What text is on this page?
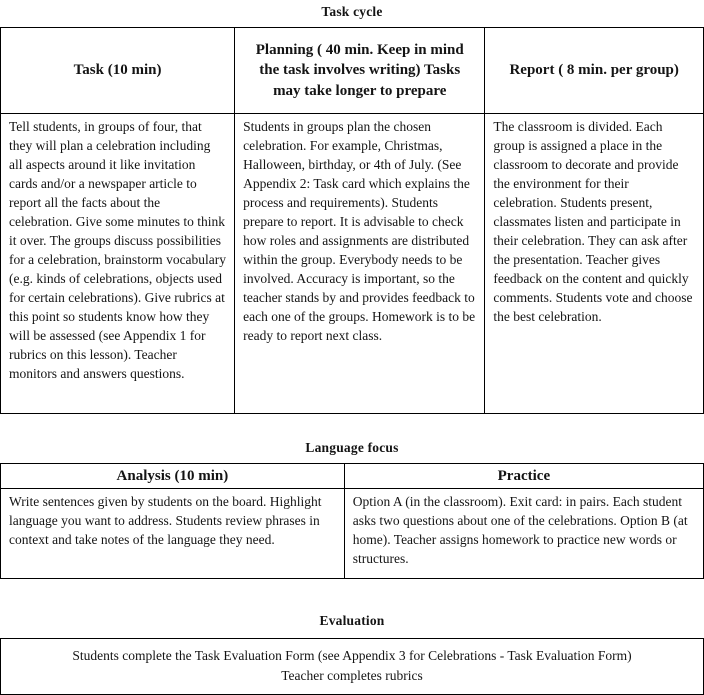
Task cycle
Task (10 min)	Planning ( 40 min. Keep in mind the task involves writing) Tasks may take longer to prepare	Report ( 8 min. per group)
Tell students, in groups of four, that they will plan a celebration including all aspects around it like invitation cards and/or a newspaper article to report all the facts about the celebration. Give some minutes to think it over. The groups discuss possibilities for a celebration, brainstorm vocabulary (e.g. kinds of celebrations, objects used for certain celebrations). Give rubrics at this point so students know how they will be assessed (see Appendix 1 for rubrics on this lesson). Teacher monitors and answers questions.	Students in groups plan the chosen celebration. For example, Christmas, Halloween, birthday, or 4th of July. (See Appendix 2: Task card which explains the process and requirements). Students prepare to report. It is advisable to check how roles and assignments are distributed within the group. Everybody needs to be involved. Accuracy is important, so the teacher stands by and provides feedback to each one of the groups. Homework is to be ready to report next class.	The classroom is divided. Each group is assigned a place in the classroom to decorate and provide the environment for their celebration. Students present, classmates listen and participate in their celebration. They can ask after the presentation. Teacher gives feedback on the content and quickly comments. Students vote and choose the best celebration.
Language focus
Analysis (10 min)	Practice
Write sentences given by students on the board. Highlight language you want to address. Students review phrases in context and take notes of the language they need.	Option A (in the classroom). Exit card: in pairs. Each student asks two questions about one of the celebrations. Option B (at home). Teacher assigns homework to practice new words or structures.
Evaluation
Students complete the Task Evaluation Form (see Appendix 3 for Celebrations - Task Evaluation Form)
Teacher completes rubrics
